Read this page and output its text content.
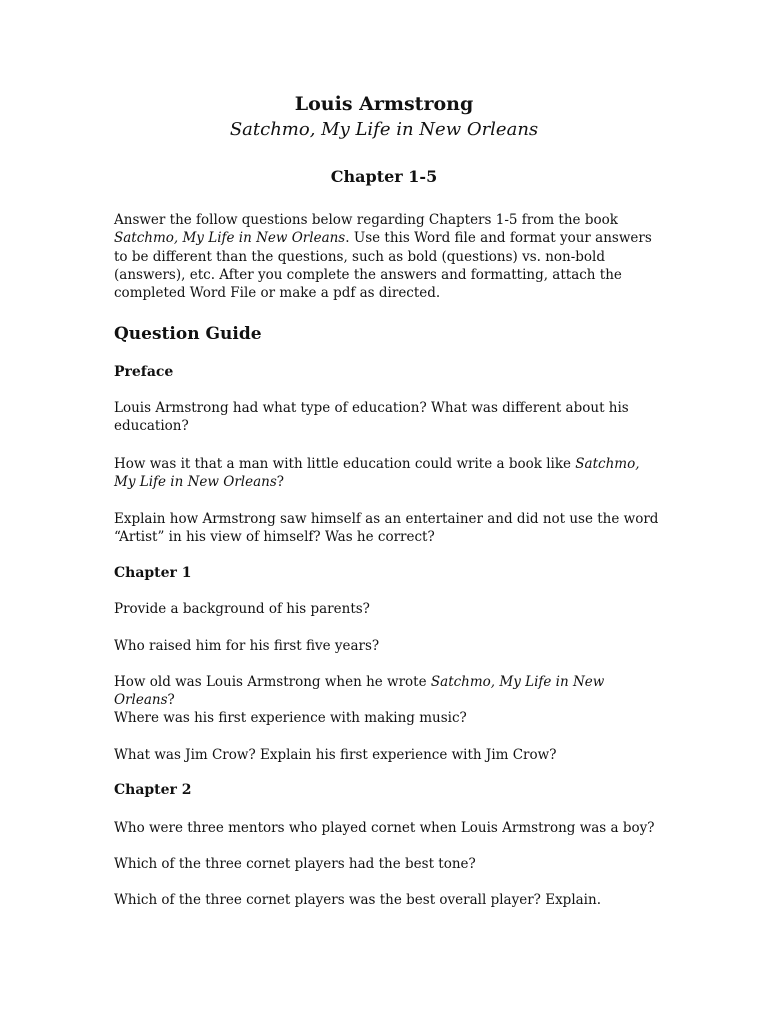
Louis Armstrong
Satchmo, My Life in New Orleans
Chapter 1-5
Answer the follow questions below regarding Chapters 1-5 from the book Satchmo, My Life in New Orleans. Use this Word file and format your answers to be different than the questions, such as bold (questions) vs. non-bold (answers), etc. After you complete the answers and formatting, attach the completed Word File or make a pdf as directed.
Question Guide
Preface
Louis Armstrong had what type of education? What was different about his education?
How was it that a man with little education could write a book like Satchmo, My Life in New Orleans?
Explain how Armstrong saw himself as an entertainer and did not use the word “Artist” in his view of himself? Was he correct?
Chapter 1
Provide a background of his parents?
Who raised him for his first five years?
How old was Louis Armstrong when he wrote Satchmo, My Life in New Orleans?
Where was his first experience with making music?
What was Jim Crow? Explain his first experience with Jim Crow?
Chapter 2
Who were three mentors who played cornet when Louis Armstrong was a boy?
Which of the three cornet players had the best tone?
Which of the three cornet players was the best overall player? Explain.
